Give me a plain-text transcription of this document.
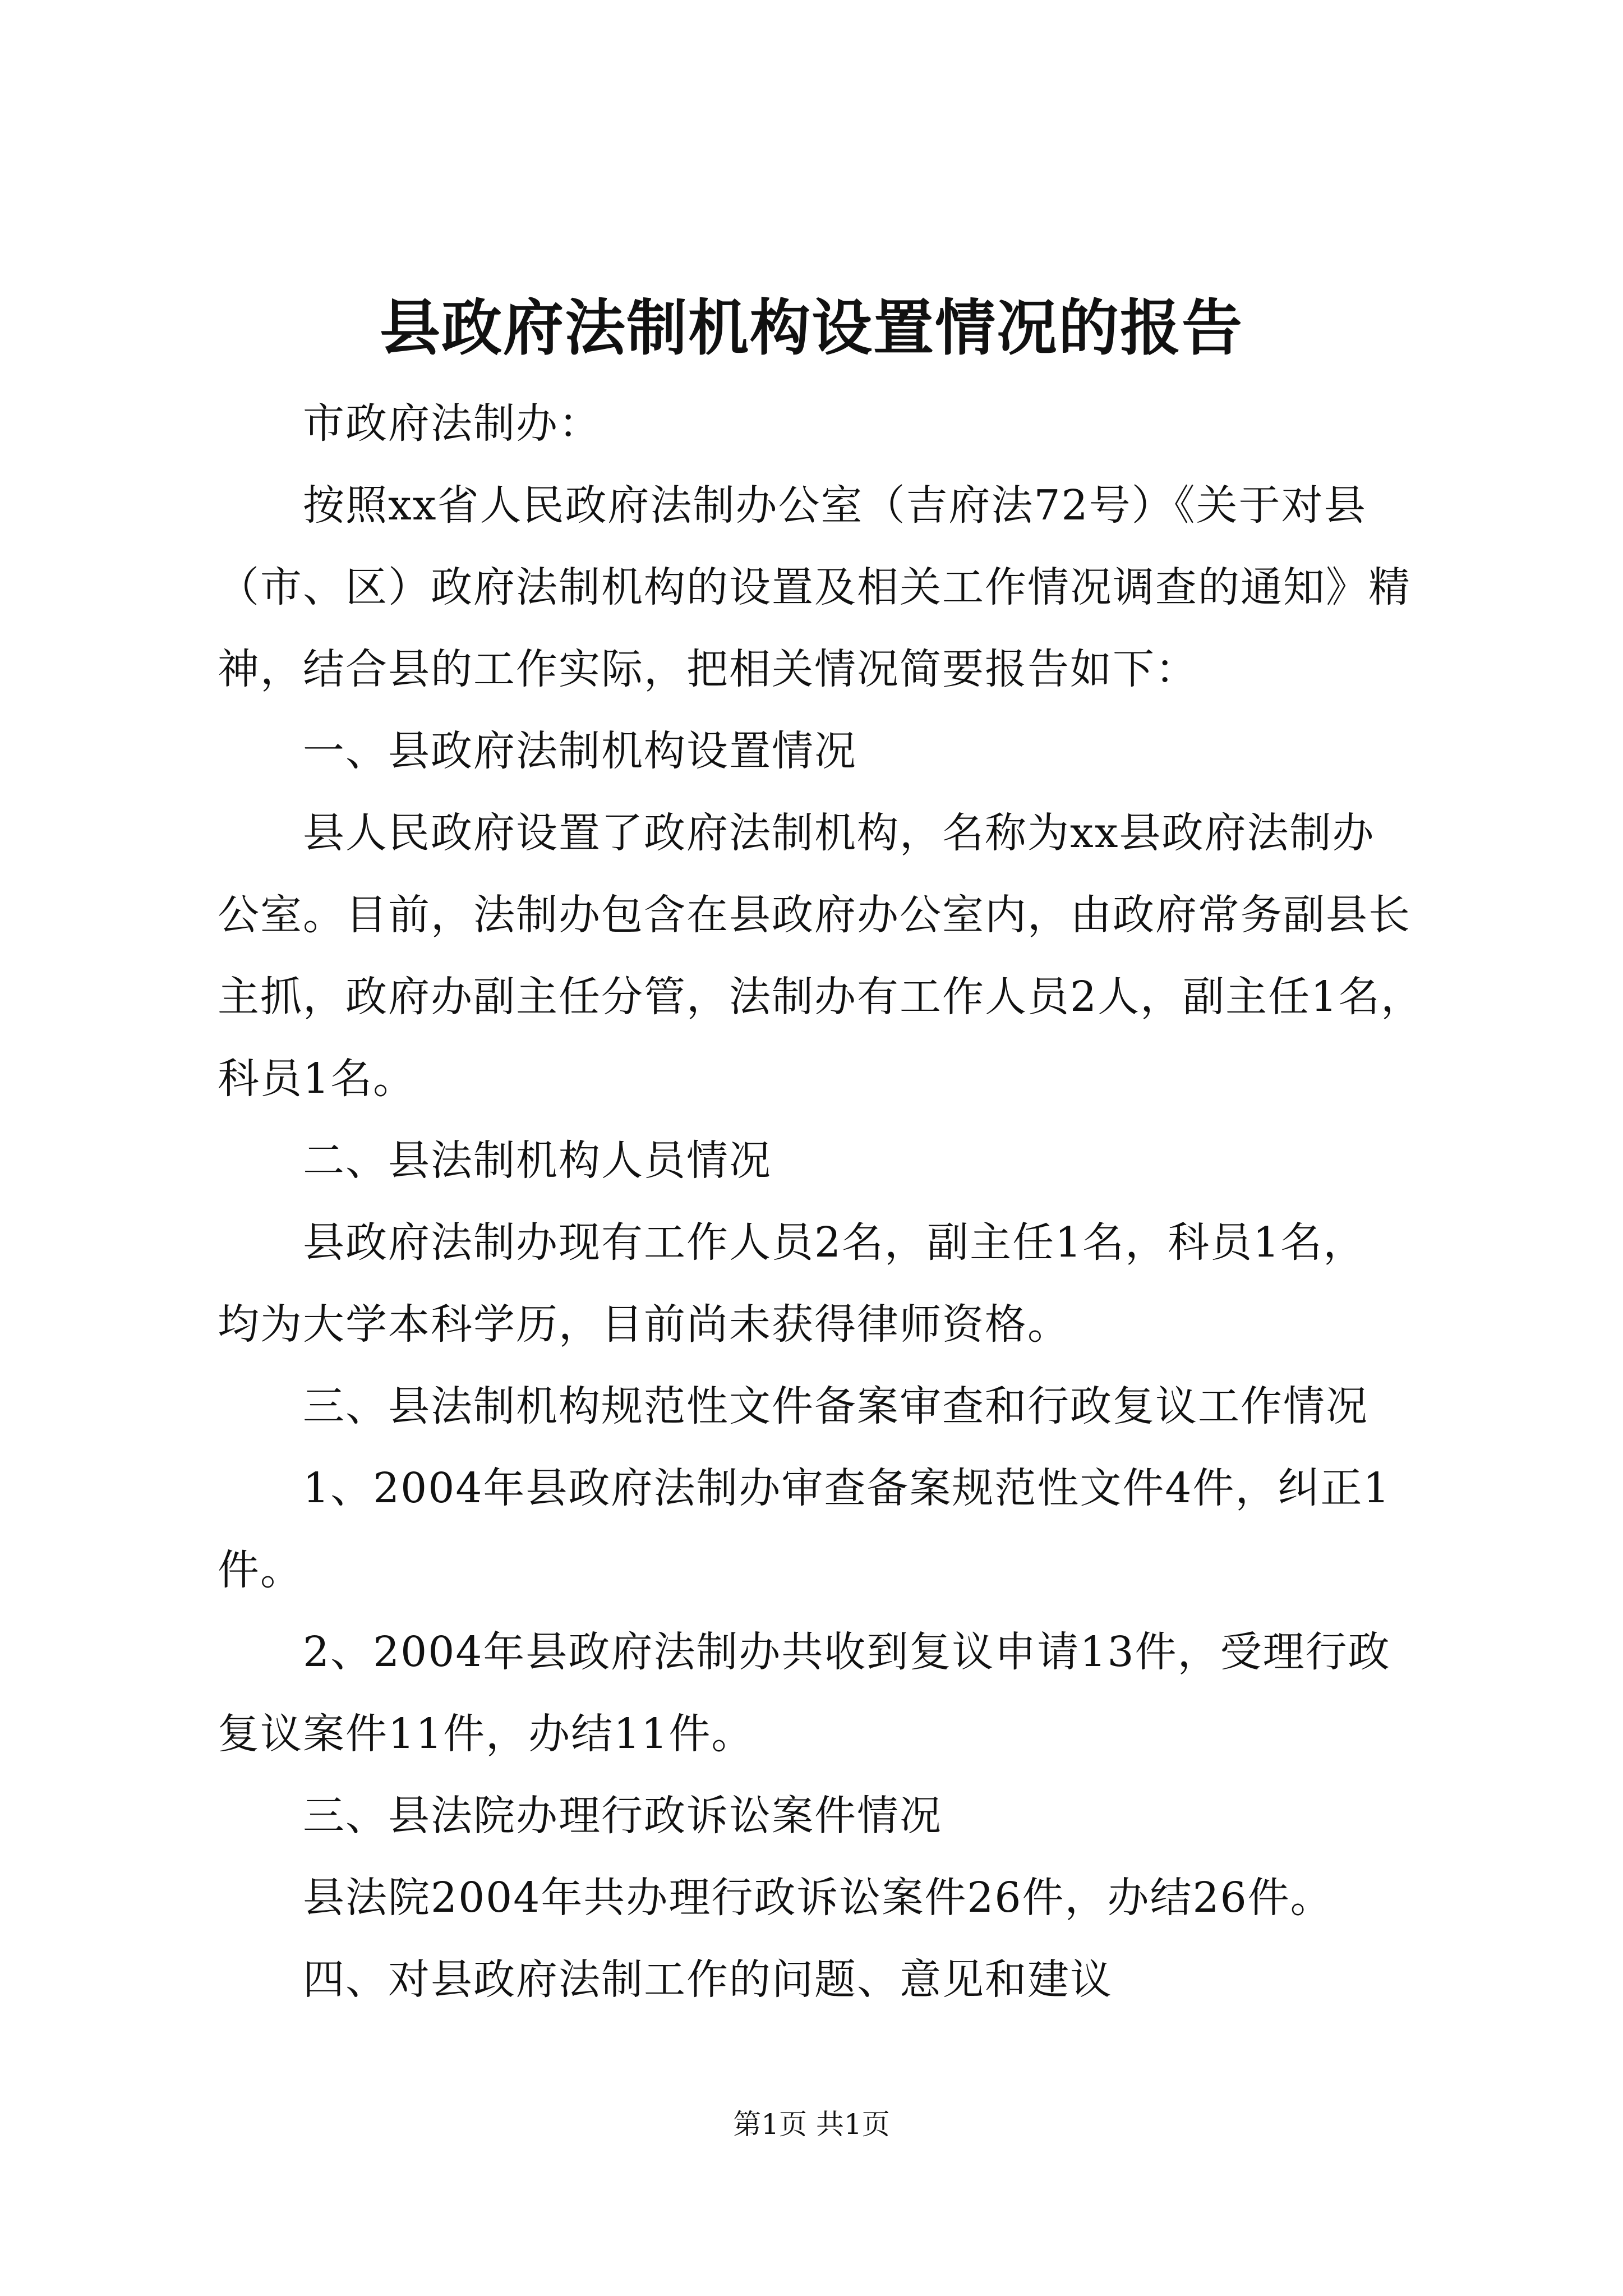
县政府法制机构设置情况的报告

市政府法制办：

按照xx省人民政府法制办公室（吉府法72号）《关于对县

（市、区）政府法制机构的设置及相关工作情况调查的通知》精

神，结合县的工作实际，把相关情况简要报告如下：

一、县政府法制机构设置情况

县人民政府设置了政府法制机构，名称为xx县政府法制办

公室。目前，法制办包含在县政府办公室内，由政府常务副县长

主抓，政府办副主任分管，法制办有工作人员2人，副主任1名，

科员1名。

二、县法制机构人员情况

县政府法制办现有工作人员2名，副主任1名，科员1名，

均为大学本科学历，目前尚未获得律师资格。

三、县法制机构规范性文件备案审查和行政复议工作情况

1、2004年县政府法制办审查备案规范性文件4件，纠正1

件。

2、2004年县政府法制办共收到复议申请13件，受理行政

复议案件11件，办结11件。

三、县法院办理行政诉讼案件情况

县法院2004年共办理行政诉讼案件26件，办结26件。

四、对县政府法制工作的问题、意见和建议

第1页 共1页
